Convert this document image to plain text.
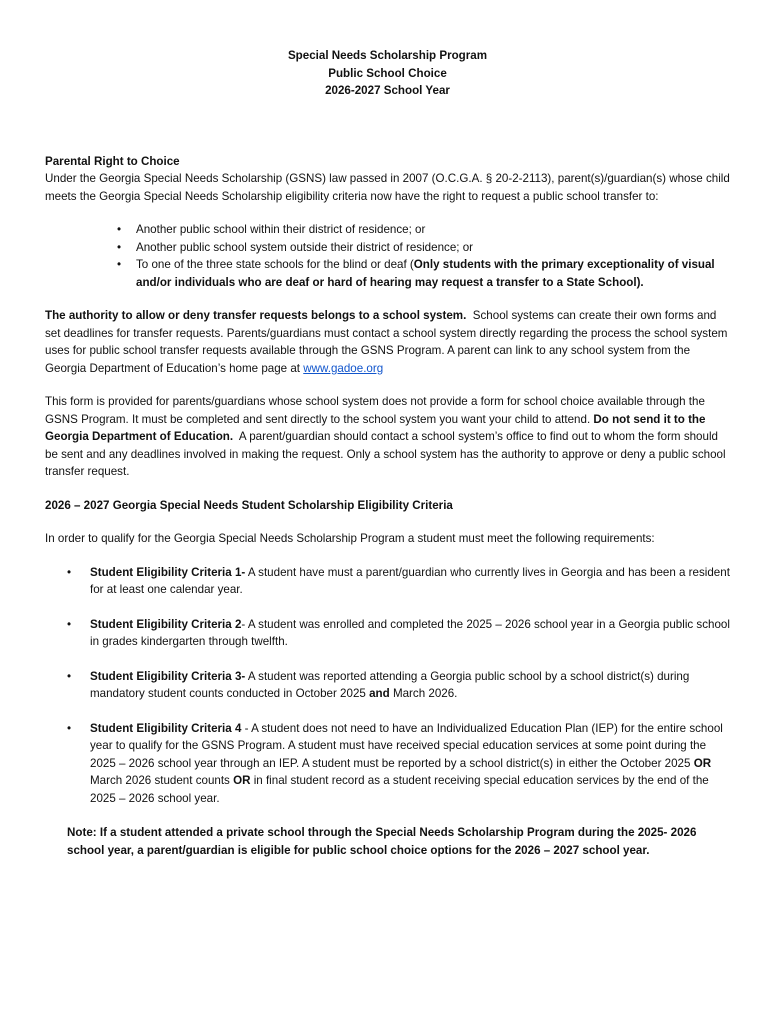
Special Needs Scholarship Program
Public School Choice
2026-2027 School Year

Parental Right to Choice

Under the Georgia Special Needs Scholarship (GSNS) law passed in 2007 (O.C.G.A. § 20-2-2113), parent(s)/guardian(s) whose child meets the Georgia Special Needs Scholarship eligibility criteria now have the right to request a public school transfer to:

• Another public school within their district of residence; or
• Another public school system outside their district of residence; or
• To one of the three state schools for the blind or deaf (Only students with the primary exceptionality of visual and/or individuals who are deaf or hard of hearing may request a transfer to a State School).

The authority to allow or deny transfer requests belongs to a school system. School systems can create their own forms and set deadlines for transfer requests. Parents/guardians must contact a school system directly regarding the process the school system uses for public school transfer requests available through the GSNS Program. A parent can link to any school system from the Georgia Department of Education’s home page at www.gadoe.org

This form is provided for parents/guardians whose school system does not provide a form for school choice available through the GSNS Program. It must be completed and sent directly to the school system you want your child to attend. Do not send it to the Georgia Department of Education. A parent/guardian should contact a school system’s office to find out to whom the form should be sent and any deadlines involved in making the request. Only a school system has the authority to approve or deny a public school transfer request.

2026 – 2027 Georgia Special Needs Student Scholarship Eligibility Criteria

In order to qualify for the Georgia Special Needs Scholarship Program a student must meet the following requirements:

• Student Eligibility Criteria 1- A student have must a parent/guardian who currently lives in Georgia and has been a resident for at least one calendar year.
• Student Eligibility Criteria 2- A student was enrolled and completed the 2025 – 2026 school year in a Georgia public school in grades kindergarten through twelfth.
• Student Eligibility Criteria 3- A student was reported attending a Georgia public school by a school district(s) during mandatory student counts conducted in October 2025 and March 2026.
• Student Eligibility Criteria 4 - A student does not need to have an Individualized Education Plan (IEP) for the entire school year to qualify for the GSNS Program. A student must have received special education services at some point during the 2025 – 2026 school year through an IEP. A student must be reported by a school district(s) in either the October 2025 OR March 2026 student counts OR in final student record as a student receiving special education services by the end of the 2025 – 2026 school year.

Note: If a student attended a private school through the Special Needs Scholarship Program during the 2025- 2026 school year, a parent/guardian is eligible for public school choice options for the 2026 – 2027 school year.
